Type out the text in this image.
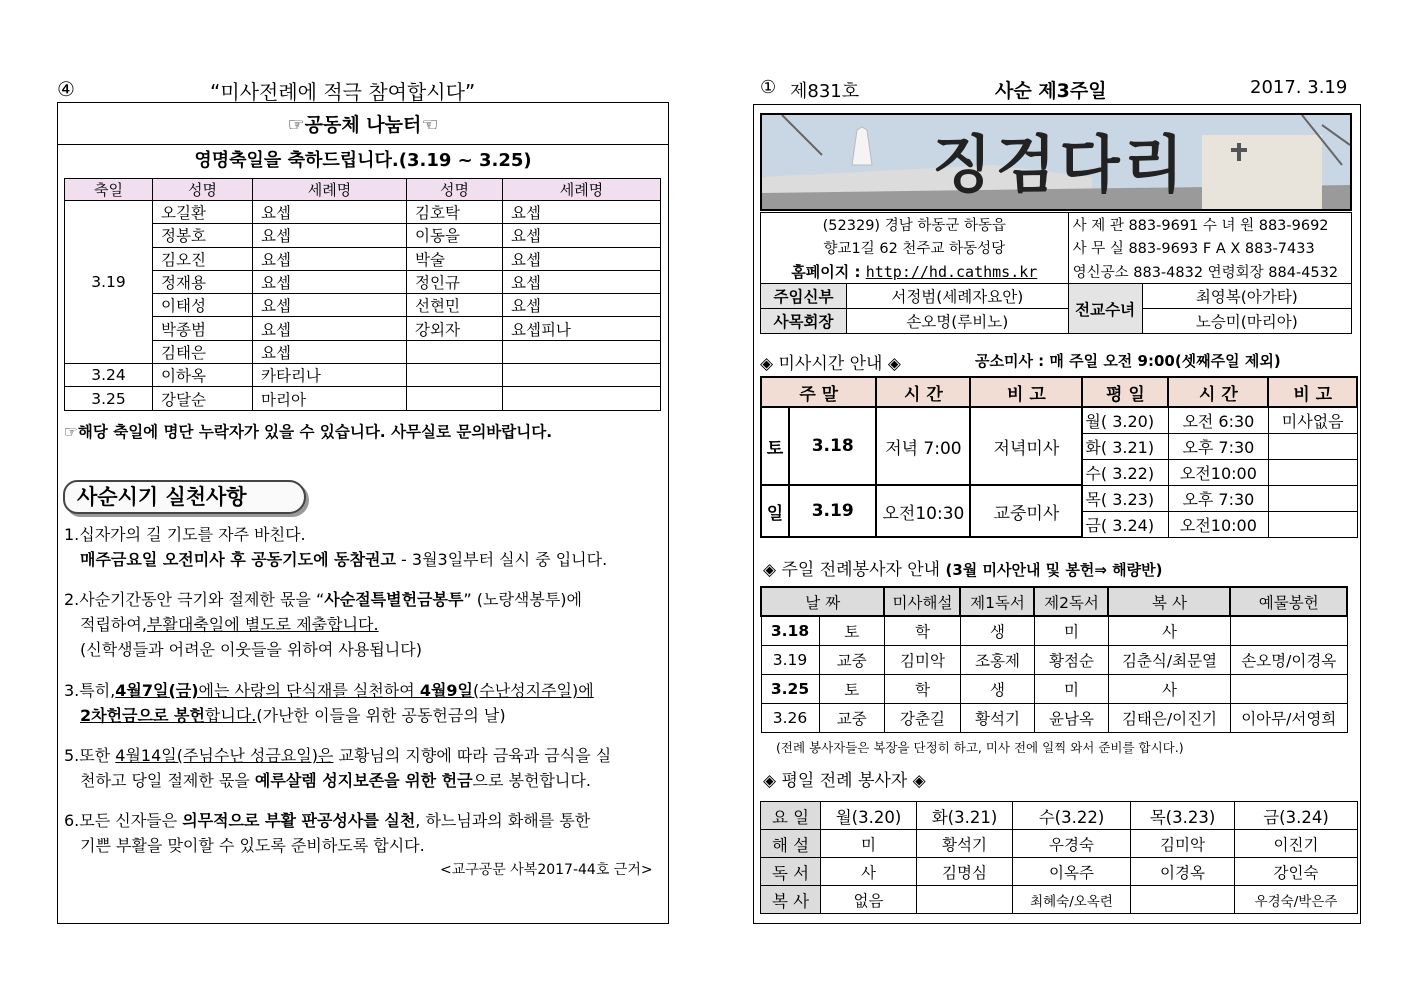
④	“미사전례에 적극 참여합시다”
☞공동체 나눔터☜
영명축일을 축하드립니다.(3.19 ~ 3.25)
축일	성명	세례명	성명	세례명
3.19	오길환	요셉	김호탁	요셉
	정봉호	요셉	이동을	요셉
	김오진	요셉	박술	요셉
	정재용	요셉	정인규	요셉
	이태성	요셉	선현민	요셉
	박종범	요셉	강외자	요셉피나
	김태은	요셉		
3.24	이하옥	카타리나		
3.25	강달순	마리아		
☞해당 축일에 명단 누락자가 있을 수 있습니다. 사무실로 문의바랍니다.
사순시기 실천사항
1.십자가의 길 기도를 자주 바친다.
매주금요일 오전미사 후 공동기도에 동참권고 - 3월3일부터 실시 중 입니다.
2.사순기간동안 극기와 절제한 몫을 “사순절특별헌금봉투” (노랑색봉투)에
적립하여,부활대축일에 별도로 제출합니다.
(신학생들과 어려운 이웃들을 위하여 사용됩니다)
3.특히,4월7일(금)에는 사랑의 단식재를 실천하여 4월9일(수난성지주일)에
2차헌금으로 봉헌합니다.(가난한 이들을 위한 공동헌금의 날)
5.또한 4월14일(주님수난 성금요일)은 교황님의 지향에 따라 금육과 금식을 실
천하고 당일 절제한 몫을 예루살렘 성지보존을 위한 헌금으로 봉헌합니다.
6.모든 신자들은 의무적으로 부활 판공성사를 실천, 하느님과의 화해를 통한
기쁜 부활을 맞이할 수 있도록 준비하도록 합시다.
<교구공문 사복2017-44호 근거>
① 제831호	사순 제3주일	2017. 3.19
징검다리
(52329) 경남 하동군 하동읍		사 제 관 883-9691 수 녀 원 883-9692	
향교1길 62 천주교 하동성당		사 무 실 883-9693 F A X 883-7433	
홈페이지 : http://hd.cathms.kr		영신공소 883-4832 연령회장 884-4532	
주임신부	서정범(세례자요안)	전교수녀	최영복(아가타)
사목회장	손오명(루비노)		노승미(마리아)
◈ 미사시간 안내 ◈	공소미사 : 매 주일 오전 9:00(셋째주일 제외)
주 말		시 간	비 고	평 일	시 간	비 고
토	3.18	저녁 7:00	저녁미사	월( 3.20)	오전 6:30	미사없음
				화( 3.21)	오후 7:30	
				수( 3.22)	오전10:00	
일	3.19	오전10:30	교중미사	목( 3.23)	오후 7:30	
				금( 3.24)	오전10:00	
◈ 주일 전례봉사자 안내 (3월 미사안내 및 봉헌⇒ 해량반)
날 짜		미사해설	제1독서	제2독서	복 사	예물봉헌
3.18	토	학	생	미	사	
3.19	교중	김미악	조홍제	황점순	김춘식/최문열	손오명/이경옥
3.25	토	학	생	미	사	
3.26	교중	강춘길	황석기	윤남옥	김태은/이진기	이아무/서영희
(전례 봉사자들은 복장을 단정히 하고, 미사 전에 일찍 와서 준비를 합시다.)
◈ 평일 전례 봉사자 ◈
요 일	월(3.20)	화(3.21)	수(3.22)	목(3.23)	금(3.24)
해 설	미	황석기	우경숙	김미악	이진기
독 서	사	김명심	이옥주	이경옥	강인숙
복 사	없음		최혜숙/오옥련		우경숙/박은주
